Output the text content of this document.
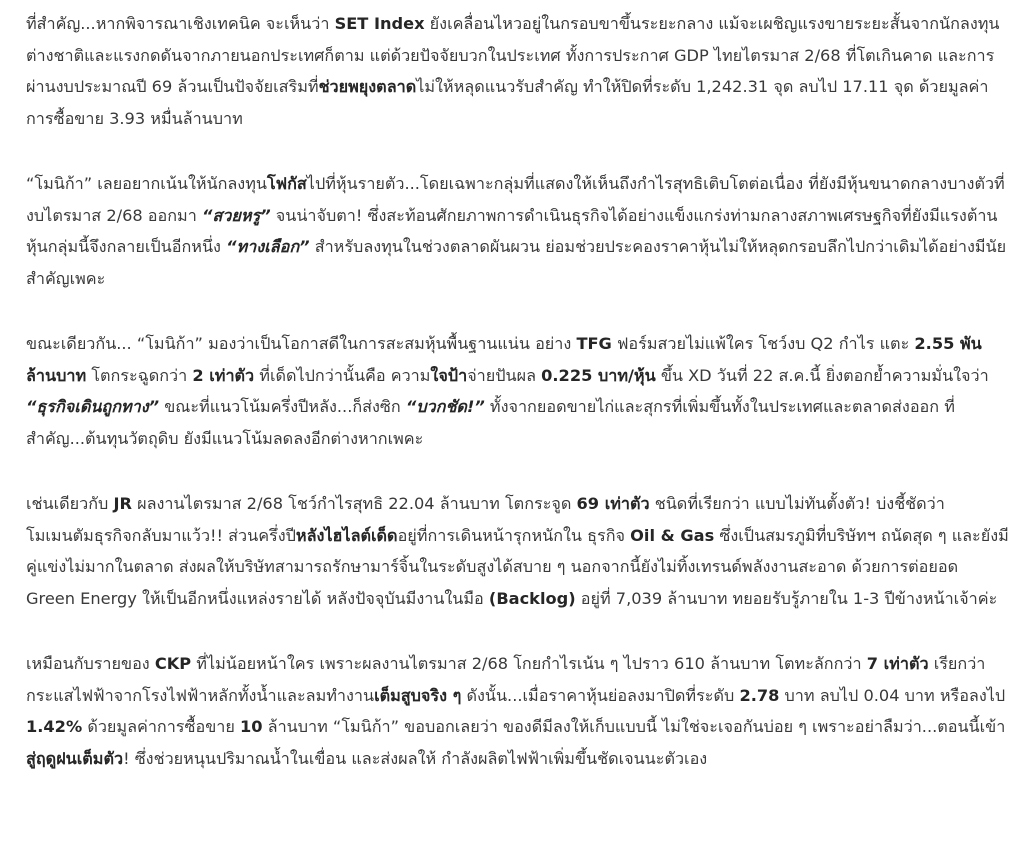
ที่สำคัญ...หากพิจารณาเชิงเทคนิค จะเห็นว่า SET Index ยังเคลื่อนไหวอยู่ในกรอบขาขึ้นระยะกลาง แม้จะเผชิญแรงขายระยะสั้นจากนักลงทุนต่างชาติและแรงกดดันจากภายนอกประเทศก็ตาม แต่ด้วยปัจจัยบวกในประเทศ ทั้งการประกาศ GDP ไทยไตรมาส 2/68 ที่โตเกินคาด และการผ่านงบประมาณปี 69 ล้วนเป็นปัจจัยเสริมที่ช่วยพยุงตลาดไม่ให้หลุดแนวรับสำคัญ ทำให้ปิดที่ระดับ 1,242.31 จุด ลบไป 17.11 จุด ด้วยมูลค่าการซื้อขาย 3.93 หมื่นล้านบาท

“โมนิก้า” เลยอยากเน้นให้นักลงทุนโฟกัสไปที่หุ้นรายตัว...โดยเฉพาะกลุ่มที่แสดงให้เห็นถึงกำไรสุทธิเติบโตต่อเนื่อง ที่ยังมีหุ้นขนาดกลางบางตัวที่งบไตรมาส 2/68 ออกมา “สวยหรู” จนน่าจับตา! ซึ่งสะท้อนศักยภาพการดำเนินธุรกิจได้อย่างแข็งแกร่งท่ามกลางสภาพเศรษฐกิจที่ยังมีแรงต้าน หุ้นกลุ่มนี้จึงกลายเป็นอีกหนึ่ง “ทางเลือก” สำหรับลงทุนในช่วงตลาดผันผวน ย่อมช่วยประคองราคาหุ้นไม่ให้หลุดกรอบลึกไปกว่าเดิมได้อย่างมีนัยสำคัญเพคะ

ขณะเดียวกัน... “โมนิก้า” มองว่าเป็นโอกาสดีในการสะสมหุ้นพื้นฐานแน่น อย่าง TFG ฟอร์มสวยไม่แพ้ใคร โชว์งบ Q2 กำไร แตะ 2.55 พันล้านบาท โตกระฉูดกว่า 2 เท่าตัว ที่เด็ดไปกว่านั้นคือ ความใจป้าจ่ายปันผล 0.225 บาท/หุ้น ขึ้น XD วันที่ 22 ส.ค.นี้ ยิ่งตอกย้ำความมั่นใจว่า “ธุรกิจเดินถูกทาง” ขณะที่แนวโน้มครึ่งปีหลัง...ก็ส่งซิก “บวกชัด!” ทั้งจากยอดขายไก่และสุกรที่เพิ่มขึ้นทั้งในประเทศและตลาดส่งออก ที่สำคัญ...ต้นทุนวัตถุดิบ ยังมีแนวโน้มลดลงอีกต่างหากเพคะ

เช่นเดียวกับ JR ผลงานไตรมาส 2/68 โชว์กำไรสุทธิ 22.04 ล้านบาท โตกระจูด 69 เท่าตัว ชนิดที่เรียกว่า แบบไม่ทันตั้งตัว! บ่งชี้ชัดว่าโมเมนตัมธุรกิจกลับมาแว้ว!! ส่วนครึ่งปีหลังไฮไลต์เด็ดอยู่ที่การเดินหน้ารุกหนักใน ธุรกิจ Oil & Gas ซึ่งเป็นสมรภูมิที่บริษัทฯ ถนัดสุด ๆ และยังมีคู่แข่งไม่มากในตลาด ส่งผลให้บริษัทสามารถรักษามาร์จิ้นในระดับสูงได้สบาย ๆ นอกจากนี้ยังไม่ทิ้งเทรนด์พลังงานสะอาด ด้วยการต่อยอด Green Energy ให้เป็นอีกหนึ่งแหล่งรายได้ หลังปัจจุบันมีงานในมือ (Backlog) อยู่ที่ 7,039 ล้านบาท ทยอยรับรู้ภายใน 1-3 ปีข้างหน้าเจ้าค่ะ

เหมือนกับรายของ CKP ที่ไม่น้อยหน้าใคร เพราะผลงานไตรมาส 2/68 โกยกำไรเน้น ๆ ไปราว 610 ล้านบาท โตทะลักกว่า 7 เท่าตัว เรียกว่ากระแสไฟฟ้าจากโรงไฟฟ้าหลักทั้งน้ำและลมทำงานเต็มสูบจริง ๆ ดังนั้น...เมื่อราคาหุ้นย่อลงมาปิดที่ระดับ 2.78 บาท ลบไป 0.04 บาท หรือลงไป 1.42% ด้วยมูลค่าการซื้อขาย 10 ล้านบาท “โมนิก้า” ขอบอกเลยว่า ของดีมีลงให้เก็บแบบนี้ ไม่ใช่จะเจอกันบ่อย ๆ เพราะอย่าลืมว่า...ตอนนี้เข้าสู่ฤดูฝนเต็มตัว! ซึ่งช่วยหนุนปริมาณน้ำในเขื่อน และส่งผลให้ กำลังผลิตไฟฟ้าเพิ่มขึ้นชัดเจนนะตัวเอง
